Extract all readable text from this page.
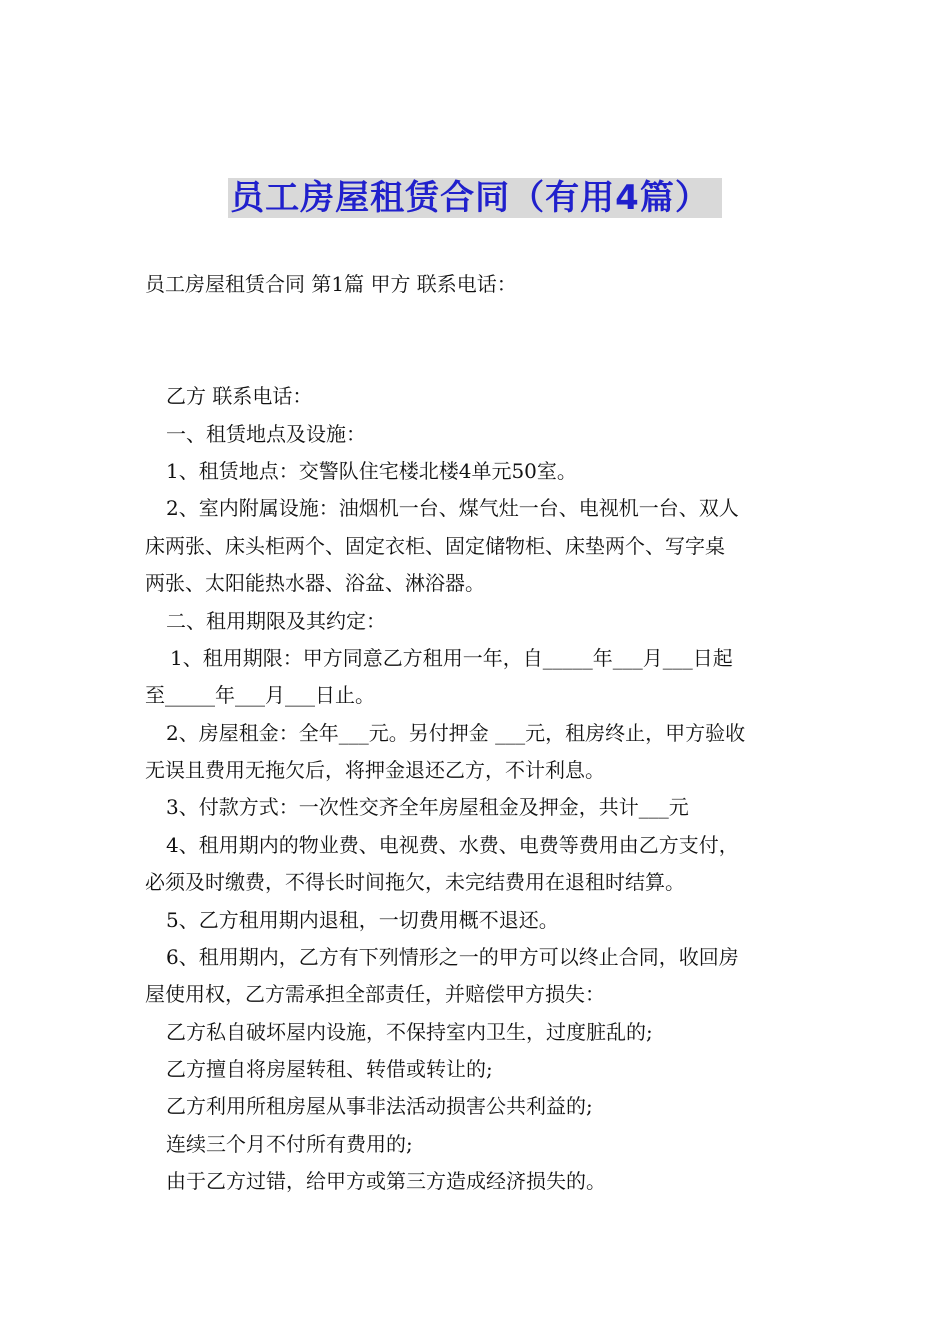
员工房屋租赁合同（有用4篇）
员工房屋租赁合同 第1篇 甲方 联系电话：
乙方 联系电话：
一、租赁地点及设施：
1、租赁地点：交警队住宅楼北楼4单元50室。
2、室内附属设施：油烟机一台、煤气灶一台、电视机一台、双人
床两张、床头柜两个、固定衣柜、固定储物柜、床垫两个、写字桌
两张、太阳能热水器、浴盆、淋浴器。
二、租用期限及其约定：
1、租用期限：甲方同意乙方租用一年，自_____年___月___日起
至_____年___月___日止。
2、房屋租金：全年___元。另付押金 ___元，租房终止，甲方验收
无误且费用无拖欠后，将押金退还乙方，不计利息。
3、付款方式：一次性交齐全年房屋租金及押金，共计___元
4、租用期内的物业费、电视费、水费、电费等费用由乙方支付，
必须及时缴费，不得长时间拖欠，未完结费用在退租时结算。
5、乙方租用期内退租，一切费用概不退还。
6、租用期内，乙方有下列情形之一的甲方可以终止合同，收回房
屋使用权，乙方需承担全部责任，并赔偿甲方损失：
乙方私自破坏屋内设施，不保持室内卫生，过度脏乱的;
乙方擅自将房屋转租、转借或转让的;
乙方利用所租房屋从事非法活动损害公共利益的;
连续三个月不付所有费用的;
由于乙方过错，给甲方或第三方造成经济损失的。
